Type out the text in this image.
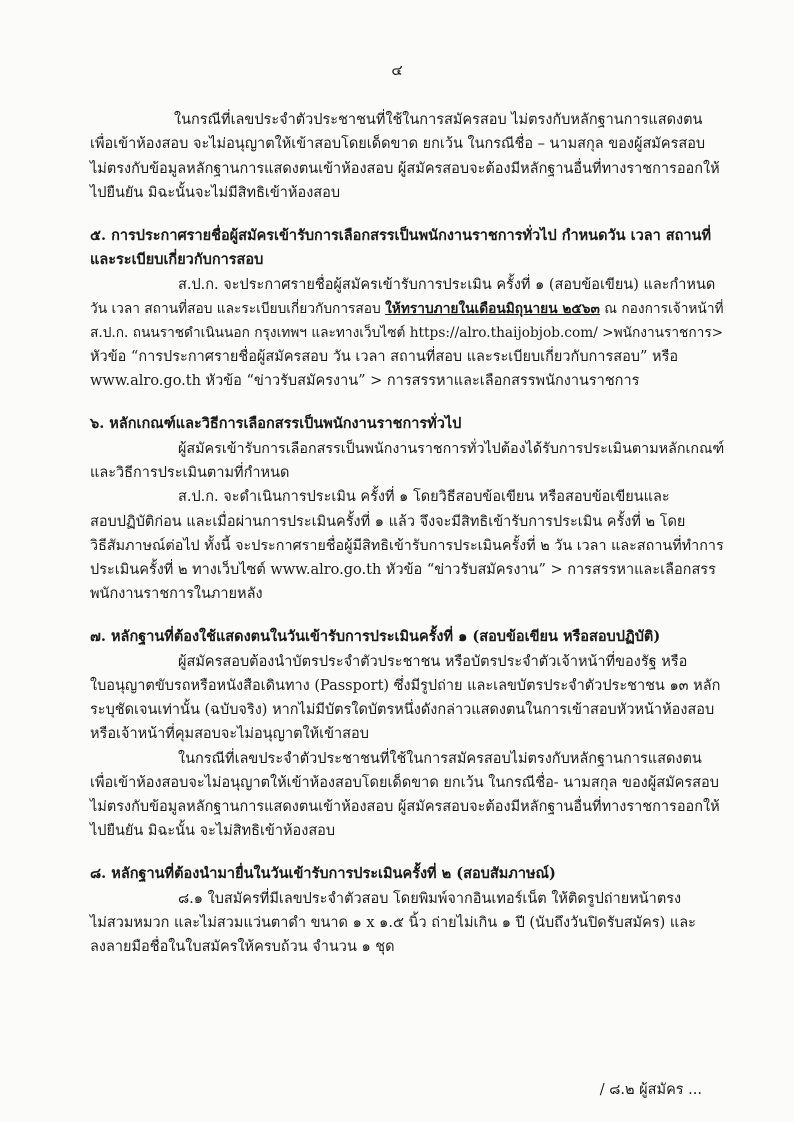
๔
ในกรณีที่เลขประจำตัวประชาชนที่ใช้ในการสมัครสอบ ไม่ตรงกับหลักฐานการแสดงตน
เพื่อเข้าห้องสอบ จะไม่อนุญาตให้เข้าสอบโดยเด็ดขาด ยกเว้น ในกรณีชื่อ – นามสกุล ของผู้สมัครสอบ
ไม่ตรงกับข้อมูลหลักฐานการแสดงตนเข้าห้องสอบ ผู้สมัครสอบจะต้องมีหลักฐานอื่นที่ทางราชการออกให้
ไปยืนยัน มิฉะนั้นจะไม่มีสิทธิเข้าห้องสอบ
๕. การประกาศรายชื่อผู้สมัครเข้ารับการเลือกสรรเป็นพนักงานราชการทั่วไป กำหนดวัน เวลา สถานที่
และระเบียบเกี่ยวกับการสอบ
ส.ป.ก. จะประกาศรายชื่อผู้สมัครเข้ารับการประเมิน ครั้งที่ ๑ (สอบข้อเขียน) และกำหนด
วัน เวลา สถานที่สอบ และระเบียบเกี่ยวกับการสอบ ให้ทราบภายในเดือนมิถุนายน ๒๕๖๓ ณ กองการเจ้าหน้าที่
ส.ป.ก. ถนนราชดำเนินนอก กรุงเทพฯ และทางเว็บไซต์ https://alro.thaijobjob.com/ >พนักงานราชการ>
หัวข้อ “การประกาศรายชื่อผู้สมัครสอบ วัน เวลา สถานที่สอบ และระเบียบเกี่ยวกับการสอบ” หรือ
www.alro.go.th หัวข้อ “ข่าวรับสมัครงาน” > การสรรหาและเลือกสรรพนักงานราชการ
๖. หลักเกณฑ์และวิธีการเลือกสรรเป็นพนักงานราชการทั่วไป
ผู้สมัครเข้ารับการเลือกสรรเป็นพนักงานราชการทั่วไปต้องได้รับการประเมินตามหลักเกณฑ์
และวิธีการประเมินตามที่กำหนด
ส.ป.ก. จะดำเนินการประเมิน ครั้งที่ ๑ โดยวิธีสอบข้อเขียน หรือสอบข้อเขียนและ
สอบปฏิบัติก่อน และเมื่อผ่านการประเมินครั้งที่ ๑ แล้ว จึงจะมีสิทธิเข้ารับการประเมิน ครั้งที่ ๒ โดย
วิธีสัมภาษณ์ต่อไป ทั้งนี้ จะประกาศรายชื่อผู้มีสิทธิเข้ารับการประเมินครั้งที่ ๒ วัน เวลา และสถานที่ทำการ
ประเมินครั้งที่ ๒ ทางเว็บไซต์ www.alro.go.th หัวข้อ “ข่าวรับสมัครงาน” > การสรรหาและเลือกสรร
พนักงานราชการในภายหลัง
๗. หลักฐานที่ต้องใช้แสดงตนในวันเข้ารับการประเมินครั้งที่ ๑ (สอบข้อเขียน หรือสอบปฏิบัติ)
ผู้สมัครสอบต้องนำบัตรประจำตัวประชาชน หรือบัตรประจำตัวเจ้าหน้าที่ของรัฐ หรือ
ใบอนุญาตขับรถหรือหนังสือเดินทาง (Passport) ซึ่งมีรูปถ่าย และเลขบัตรประจำตัวประชาชน ๑๓ หลัก
ระบุชัดเจนเท่านั้น (ฉบับจริง) หากไม่มีบัตรใดบัตรหนึ่งดังกล่าวแสดงตนในการเข้าสอบหัวหน้าห้องสอบ
หรือเจ้าหน้าที่คุมสอบจะไม่อนุญาตให้เข้าสอบ
ในกรณีที่เลขประจำตัวประชาชนที่ใช้ในการสมัครสอบไม่ตรงกับหลักฐานการแสดงตน
เพื่อเข้าห้องสอบจะไม่อนุญาตให้เข้าห้องสอบโดยเด็ดขาด ยกเว้น ในกรณีชื่อ- นามสกุล ของผู้สมัครสอบ
ไม่ตรงกับข้อมูลหลักฐานการแสดงตนเข้าห้องสอบ ผู้สมัครสอบจะต้องมีหลักฐานอื่นที่ทางราชการออกให้
ไปยืนยัน มิฉะนั้น จะไม่สิทธิเข้าห้องสอบ
๘. หลักฐานที่ต้องนำมายื่นในวันเข้ารับการประเมินครั้งที่ ๒ (สอบสัมภาษณ์)
๘.๑ ใบสมัครที่มีเลขประจำตัวสอบ โดยพิมพ์จากอินเทอร์เน็ต ให้ติดรูปถ่ายหน้าตรง
ไม่สวมหมวก และไม่สวมแว่นตาดำ ขนาด ๑ x ๑.๕ นิ้ว ถ่ายไม่เกิน ๑ ปี (นับถึงวันปิดรับสมัคร) และ
ลงลายมือชื่อในใบสมัครให้ครบถ้วน จำนวน ๑ ชุด
/ ๘.๒ ผู้สมัคร ...
